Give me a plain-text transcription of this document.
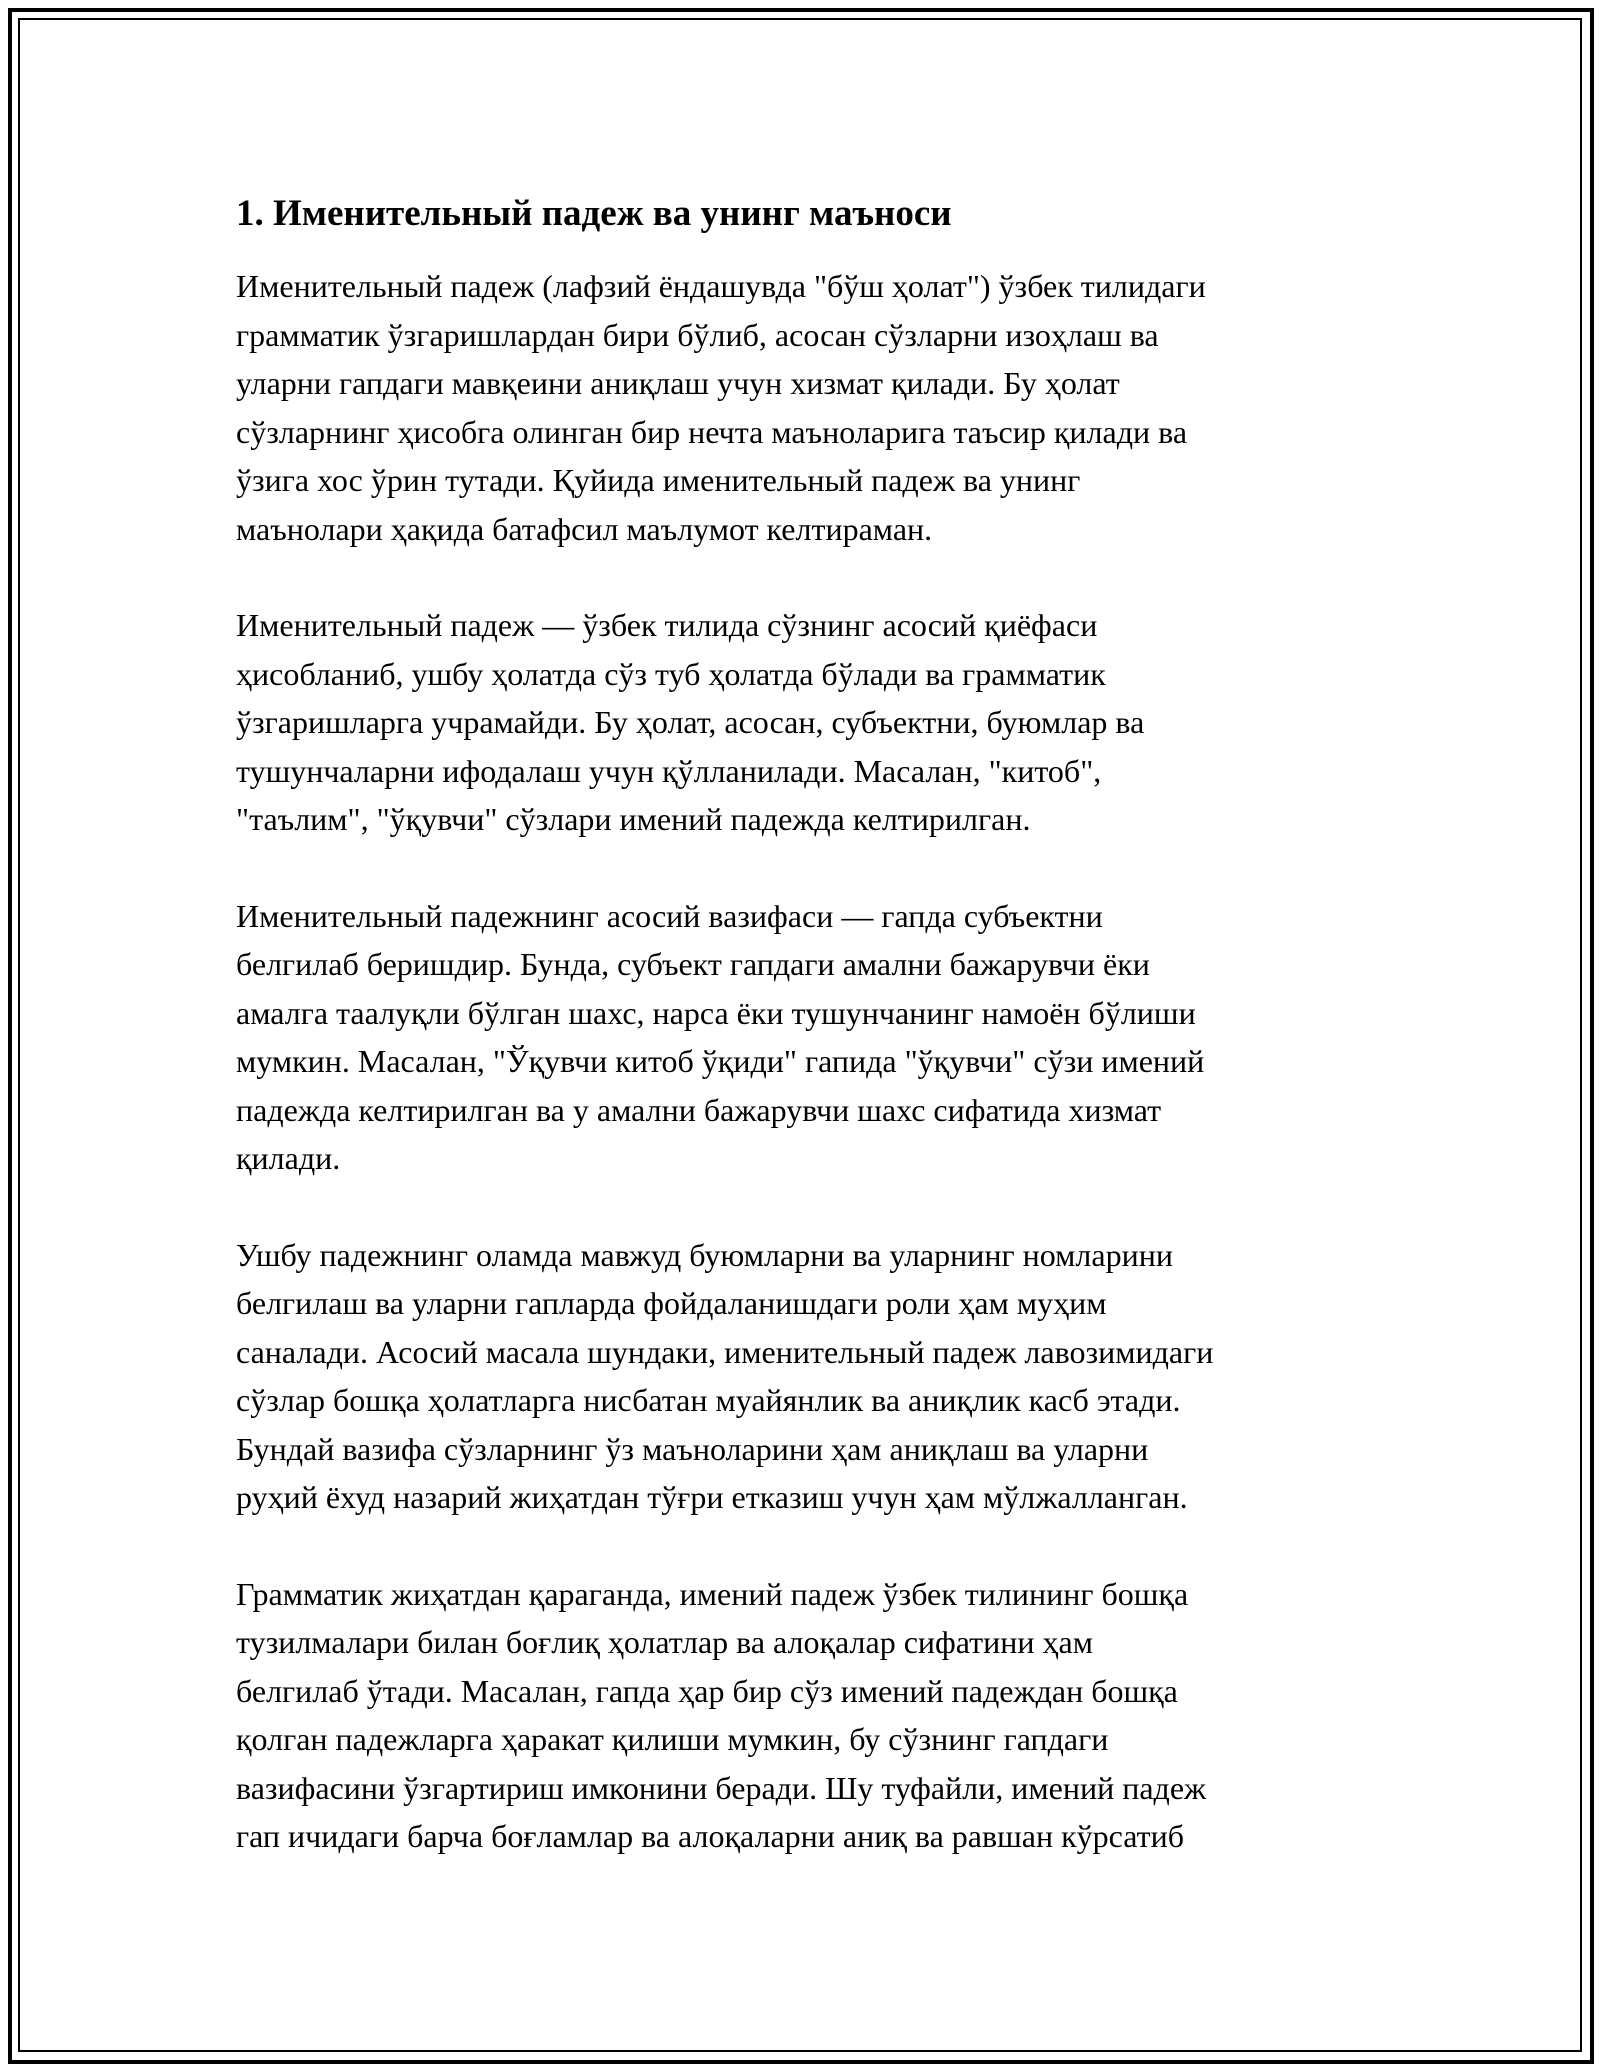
1. Именительный падеж ва унинг маъноси

Именительный падеж (лафзий ёндашувда "бўш ҳолат") ўзбек тилидаги
грамматик ўзгаришлардан бири бўлиб, асосан сўзларни изоҳлаш ва
уларни гапдаги мавқеини аниқлаш учун хизмат қилади. Бу ҳолат
сўзларнинг ҳисобга олинган бир нечта маъноларига таъсир қилади ва
ўзига хос ўрин тутади. Қуйида именительный падеж ва унинг
маънолари ҳақида батафсил маълумот келтираман.

Именительный падеж — ўзбек тилида сўзнинг асосий қиёфаси
ҳисобланиб, ушбу ҳолатда сўз туб ҳолатда бўлади ва грамматик
ўзгаришларга учрамайди. Бу ҳолат, асосан, субъектни, буюмлар ва
тушунчаларни ифодалаш учун қўлланилади. Масалан, "китоб",
"таълим", "ўқувчи" сўзлари имений падежда келтирилган.

Именительный падежнинг асосий вазифаси — гапда субъектни
белгилаб беришдир. Бунда, субъект гапдаги амални бажарувчи ёки
амалга таалуқли бўлган шахс, нарса ёки тушунчанинг намоён бўлиши
мумкин. Масалан, "Ўқувчи китоб ўқиди" гапида "ўқувчи" сўзи имений
падежда келтирилган ва у амални бажарувчи шахс сифатида хизмат
қилади.

Ушбу падежнинг оламда мавжуд буюмларни ва уларнинг номларини
белгилаш ва уларни гапларда фойдаланишдаги роли ҳам муҳим
саналади. Асосий масала шундаки, именительный падеж лавозимидаги
сўзлар бошқа ҳолатларга нисбатан муайянлик ва аниқлик касб этади.
Бундай вазифа сўзларнинг ўз маъноларини ҳам аниқлаш ва уларни
руҳий ёхуд назарий жиҳатдан тўғри етказиш учун ҳам мўлжалланган.

Грамматик жиҳатдан қараганда, имений падеж ўзбек тилининг бошқа
тузилмалари билан боғлиқ ҳолатлар ва алоқалар сифатини ҳам
белгилаб ўтади. Масалан, гапда ҳар бир сўз имений падеждан бошқа
қолган падежларга ҳаракат қилиши мумкин, бу сўзнинг гапдаги
вазифасини ўзгартириш имконини беради. Шу туфайли, имений падеж
гап ичидаги барча боғламлар ва алоқаларни аниқ ва равшан кўрсатиб
